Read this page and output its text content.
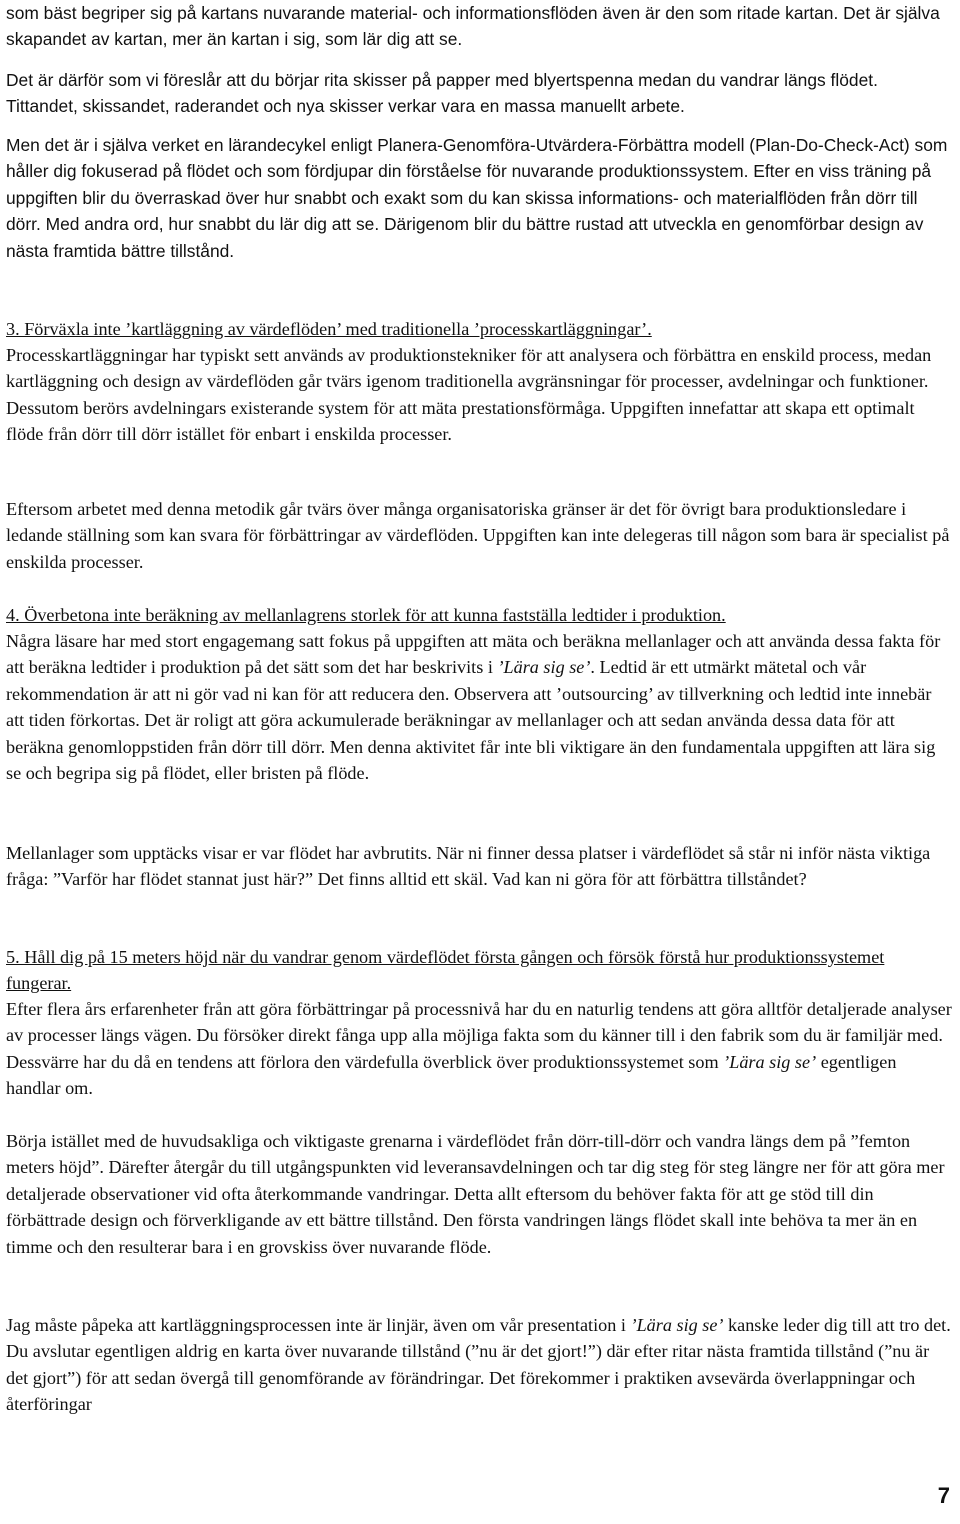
som bäst begriper sig på kartans nuvarande material- och informationsflöden även är den som ritade kartan. Det är själva skapandet av kartan, mer än kartan i sig, som lär dig att se.

Det är därför som vi föreslår att du börjar rita skisser på papper med blyertspenna medan du vandrar längs flödet. Tittandet, skissandet, raderandet och nya skisser verkar vara en massa manuellt arbete.

Men det är i själva verket en lärandecykel enligt Planera-Genomföra-Utvärdera-Förbättra modell (Plan-Do-Check-Act) som håller dig fokuserad på flödet och som fördjupar din förståelse för nuvarande produktionssystem. Efter en viss träning på uppgiften blir du överraskad över hur snabbt och exakt som du kan skissa informations- och materialflöden från dörr till dörr. Med andra ord, hur snabbt du lär dig att se. Därigenom blir du bättre rustad att utveckla en genomförbar design av nästa framtida bättre tillstånd.

3. Förväxla inte ’kartläggning av värdeflöden’ med traditionella ’processkartläggningar’.

Processkartläggningar har typiskt sett används av produktionstekniker för att analysera och förbättra en enskild process, medan kartläggning och design av värdeflöden går tvärs igenom traditionella avgränsningar för processer, avdelningar och funktioner. Dessutom berörs avdelningars existerande system för att mäta prestationsförmåga. Uppgiften innefattar att skapa ett optimalt flöde från dörr till dörr istället för enbart i enskilda processer.

Eftersom arbetet med denna metodik går tvärs över många organisatoriska gränser är det för övrigt bara produktionsledare i ledande ställning som kan svara för förbättringar av värdeflöden. Uppgiften kan inte delegeras till någon som bara är specialist på enskilda processer.

4. Överbetona inte beräkning av mellanlagrens storlek för att kunna fastställa ledtider i produktion.

Några läsare har med stort engagemang satt fokus på uppgiften att mäta och beräkna mellanlager och att använda dessa fakta för att beräkna ledtider i produktion på det sätt som det har beskrivits i ’Lära sig se’. Ledtid är ett utmärkt mätetal och vår rekommendation är att ni gör vad ni kan för att reducera den. Observera att ’outsourcing’ av tillverkning och ledtid inte innebär att tiden förkortas. Det är roligt att göra ackumulerade beräkningar av mellanlager och att sedan använda dessa data för att beräkna genomloppstiden från dörr till dörr. Men denna aktivitet får inte bli viktigare än den fundamentala uppgiften att lära sig se och begripa sig på flödet, eller bristen på flöde.

Mellanlager som upptäcks visar er var flödet har avbrutits. När ni finner dessa platser i värdeflödet så står ni inför nästa viktiga fråga: ”Varför har flödet stannat just här?” Det finns alltid ett skäl. Vad kan ni göra för att förbättra tillståndet?

5. Håll dig på 15 meters höjd när du vandrar genom värdeflödet första gången och försök förstå hur produktionssystemet fungerar.

Efter flera års erfarenheter från att göra förbättringar på processnivå har du en naturlig tendens att göra alltför detaljerade analyser av processer längs vägen. Du försöker direkt fånga upp alla möjliga fakta som du känner till i den fabrik som du är familjär med. Dessvärre har du då en tendens att förlora den värdefulla överblick över produktionssystemet som ’Lära sig se’ egentligen handlar om.

Börja istället med de huvudsakliga och viktigaste grenarna i värdeflödet från dörr-till-dörr och vandra längs dem på ”femton meters höjd”. Därefter återgår du till utgångspunkten vid leveransavdelningen och tar dig steg för steg längre ner för att göra mer detaljerade observationer vid ofta återkommande vandringar. Detta allt eftersom du behöver fakta för att ge stöd till din förbättrade design och förverkligande av ett bättre tillstånd. Den första vandringen längs flödet skall inte behöva ta mer än en timme och den resulterar bara i en grovskiss över nuvarande flöde.

Jag måste påpeka att kartläggningsprocessen inte är linjär, även om vår presentation i ’Lära sig se’ kanske leder dig till att tro det. Du avslutar egentligen aldrig en karta över nuvarande tillstånd (”nu är det gjort!”) där efter ritar nästa framtida tillstånd (”nu är det gjort”) för att sedan övergå till genomförande av förändringar. Det förekommer i praktiken avsevärda överlappningar och återföringar

7
